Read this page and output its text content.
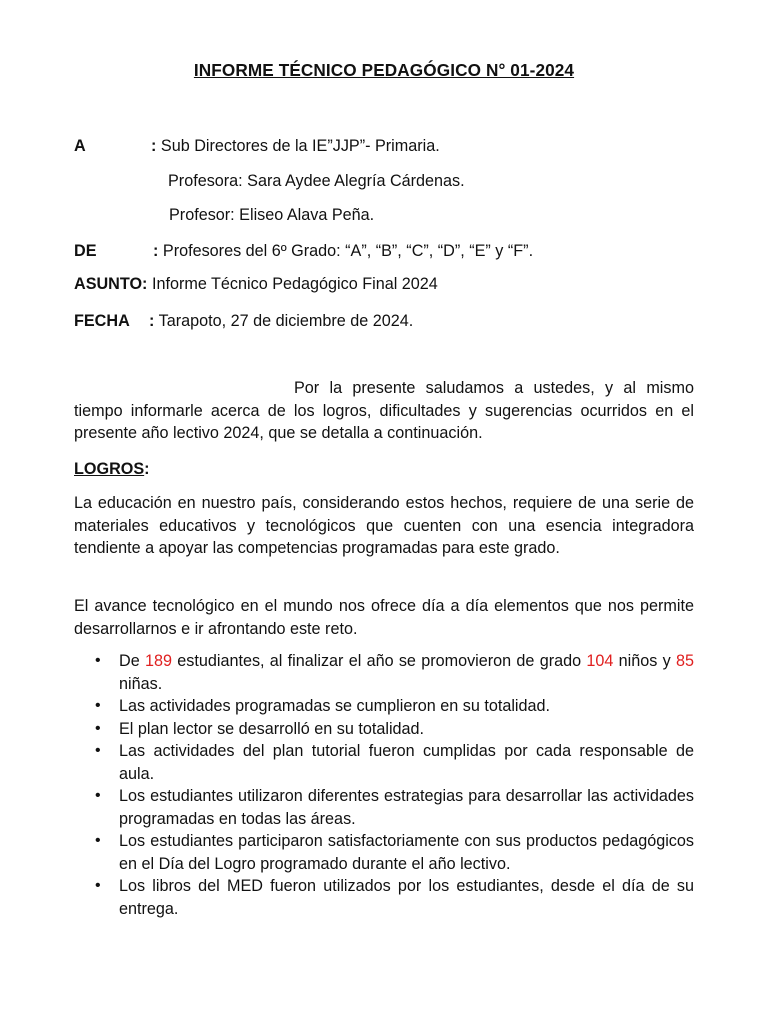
INFORME TÉCNICO PEDAGÓGICO N° 01-2024
A	: Sub Directores de la IE”JJP”- Primaria.
Profesora: Sara Aydee Alegría Cárdenas.
Profesor: Eliseo Alava Peña.
DE	: Profesores del 6º Grado: “A”, “B”, “C”, “D”, “E” y “F”.
ASUNTO: Informe Técnico Pedagógico Final 2024
FECHA : Tarapoto, 27 de diciembre de 2024.
Por la presente saludamos a ustedes, y al mismo tiempo informarle acerca de los logros, dificultades y sugerencias ocurridos en el presente año lectivo 2024, que se detalla a continuación.
LOGROS:
La educación en nuestro país, considerando estos hechos, requiere de una serie de materiales educativos y tecnológicos que cuenten con una esencia integradora tendiente a apoyar las competencias programadas para este grado.
El avance tecnológico en el mundo nos ofrece día a día elementos que nos permite desarrollarnos e ir afrontando este reto.
• De 189 estudiantes, al finalizar el año se promovieron de grado 104 niños y 85 niñas.
• Las actividades programadas se cumplieron en su totalidad.
• El plan lector se desarrolló en su totalidad.
• Las actividades del plan tutorial fueron cumplidas por cada responsable de aula.
• Los estudiantes utilizaron diferentes estrategias para desarrollar las actividades programadas en todas las áreas.
• Los estudiantes participaron satisfactoriamente con sus productos pedagógicos en el Día del Logro programado durante el año lectivo.
• Los libros del MED fueron utilizados por los estudiantes, desde el día de su entrega.
